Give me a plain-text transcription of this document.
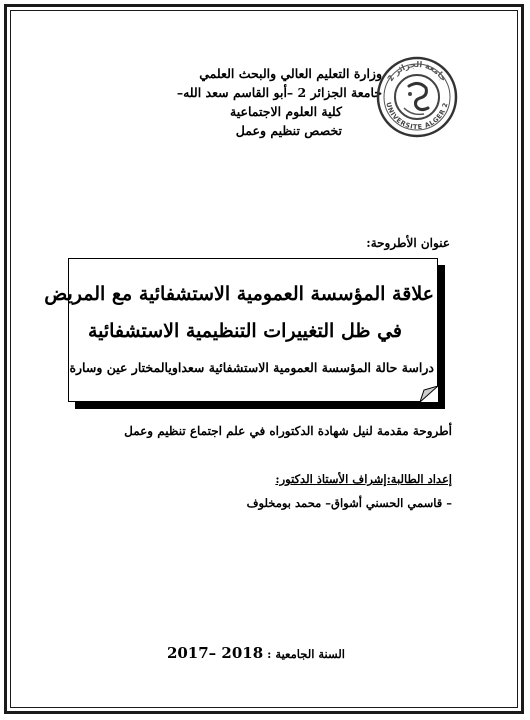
وزارة التعليم العالي والبحث العلمي
جامعة الجزائر 2 –أبو القاسم سعد الله–
كلية العلوم الاجتماعية
تخصص تنظيم وعمل
جامعة الجزائر 2
UNIVERSITE ALGER 2
عنوان الأطروحة:
علاقة المؤسسة العمومية الاستشفائية مع المريض
في ظل التغييرات التنظيمية الاستشفائية
دراسة حالة المؤسسة العمومية الاستشفائية سعداويالمختار عين وسارة
أطروحة مقدمة لنيل شهادة الدكتوراه في علم اجتماع تنظيم وعمل
إعداد الطالبة:إشراف الأستاذ الدكتور:
– قاسمي الحسني أشواق– محمد بومخلوف
السنة الجامعية : 2017– 2018
